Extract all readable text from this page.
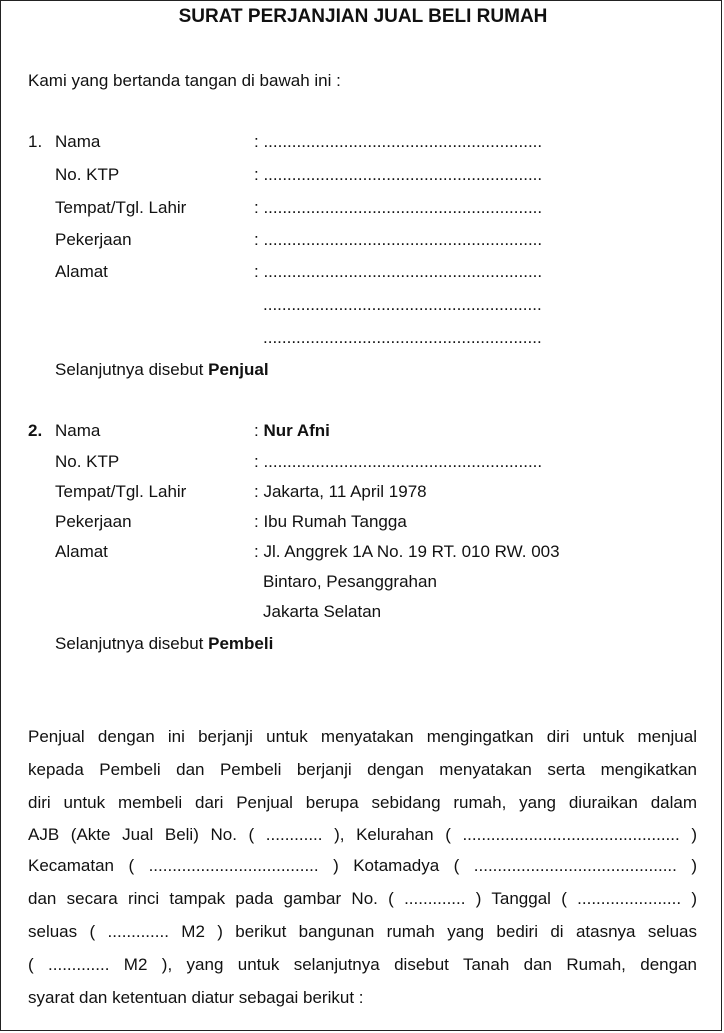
SURAT PERJANJIAN JUAL BELI RUMAH
Kami yang bertanda tangan di bawah ini :
1. Nama	: ...........................................................
No. KTP	: ...........................................................
Tempat/Tgl. Lahir	: ...........................................................
Pekerjaan	: ...........................................................
Alamat	: ...........................................................
...........................................................
...........................................................
Selanjutnya disebut Penjual
2. Nama	: Nur Afni
No. KTP	: ...........................................................
Tempat/Tgl. Lahir	: Jakarta, 11 April 1978
Pekerjaan	: Ibu Rumah Tangga
Alamat	: Jl. Anggrek 1A No. 19 RT. 010 RW. 003
Bintaro, Pesanggrahan
Jakarta Selatan
Selanjutnya disebut Pembeli
Penjual dengan ini berjanji untuk menyatakan mengingatkan diri untuk menjual
kepada Pembeli dan Pembeli berjanji dengan menyatakan serta mengikatkan
diri untuk membeli dari Penjual berupa sebidang rumah, yang diuraikan dalam
AJB (Akte Jual Beli) No. ( ............ ), Kelurahan ( .............................................. )
Kecamatan ( .................................... ) Kotamadya ( ........................................... )
dan secara rinci tampak pada gambar No. ( ............. ) Tanggal ( ...................... )
seluas ( ............. M2 ) berikut bangunan rumah yang bediri di atasnya seluas
( ............. M2 ), yang untuk selanjutnya disebut Tanah dan Rumah, dengan
syarat dan ketentuan diatur sebagai berikut :
